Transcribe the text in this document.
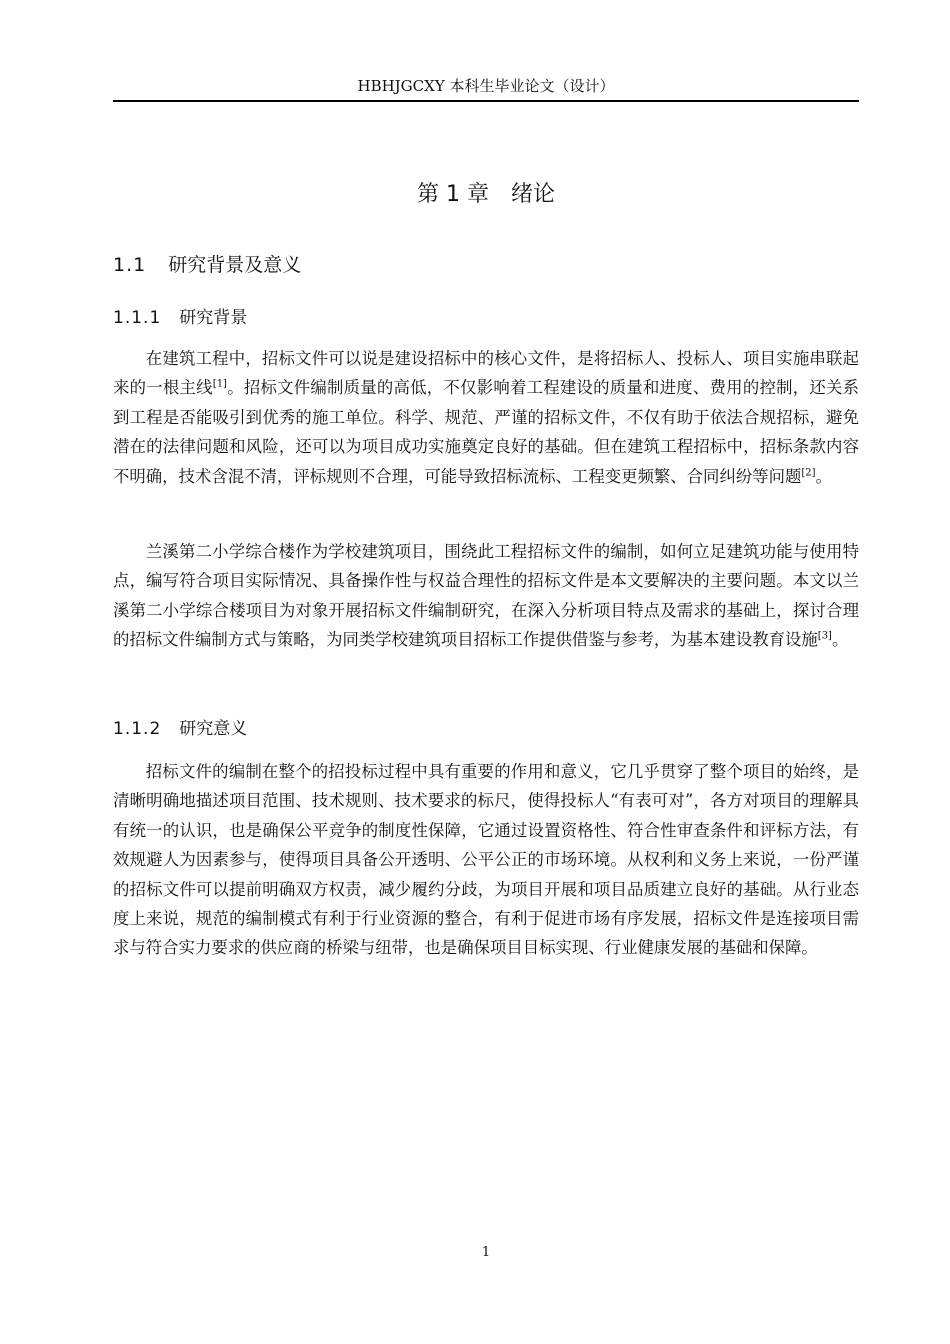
HBHJGCXY 本科生毕业论文（设计）
第 1 章　绪论
1.1 研究背景及意义
1.1.1 研究背景

在建筑工程中，招标文件可以说是建设招标中的核心文件，是将招标人、投标人、项目实施串联起来的一根主线[1]。招标文件编制质量的高低，不仅影响着工程建设的质量和进度、费用的控制，还关系到工程是否能吸引到优秀的施工单位。科学、规范、严谨的招标文件，不仅有助于依法合规招标，避免潜在的法律问题和风险，还可以为项目成功实施奠定良好的基础。但在建筑工程招标中，招标条款内容不明确，技术含混不清，评标规则不合理，可能导致招标流标、工程变更频繁、合同纠纷等问题[2]。

兰溪第二小学综合楼作为学校建筑项目，围绕此工程招标文件的编制，如何立足建筑功能与使用特点，编写符合项目实际情况、具备操作性与权益合理性的招标文件是本文要解决的主要问题。本文以兰溪第二小学综合楼项目为对象开展招标文件编制研究，在深入分析项目特点及需求的基础上，探讨合理的招标文件编制方式与策略，为同类学校建筑项目招标工作提供借鉴与参考，为基本建设教育设施[3]。

1.1.2 研究意义

招标文件的编制在整个的招投标过程中具有重要的作用和意义，它几乎贯穿了整个项目的始终，是清晰明确地描述项目范围、技术规则、技术要求的标尺，使得投标人“有表可对”，各方对项目的理解具有统一的认识，也是确保公平竞争的制度性保障，它通过设置资格性、符合性审查条件和评标方法，有效规避人为因素参与，使得项目具备公开透明、公平公正的市场环境。从权利和义务上来说，一份严谨的招标文件可以提前明确双方权责，减少履约分歧，为项目开展和项目品质建立良好的基础。从行业态度上来说，规范的编制模式有利于行业资源的整合，有利于促进市场有序发展，招标文件是连接项目需求与符合实力要求的供应商的桥梁与纽带，也是确保项目目标实现、行业健康发展的基础和保障。

1
